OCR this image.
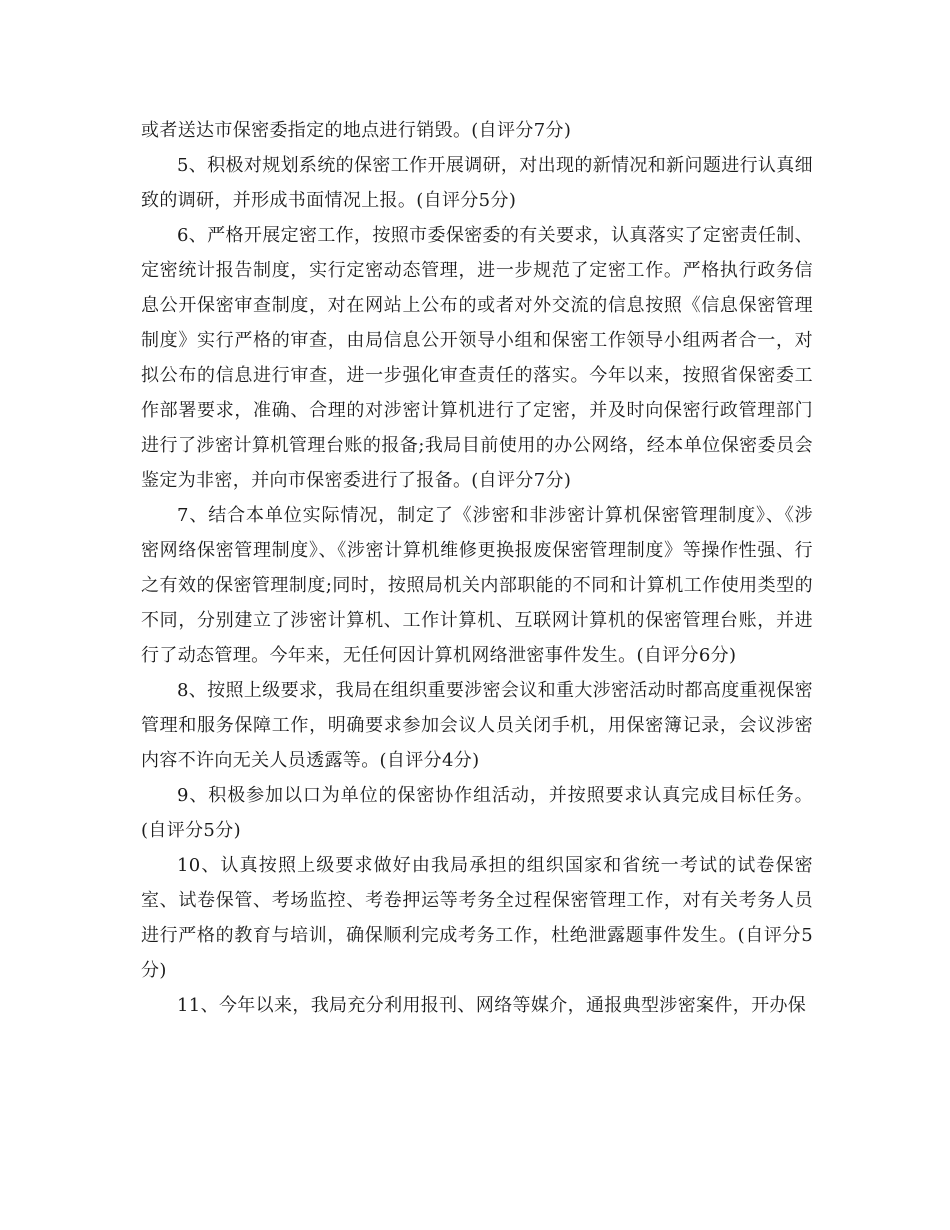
或者送达市保密委指定的地点进行销毁。(自评分7分)

5、积极对规划系统的保密工作开展调研，对出现的新情况和新问题进行认真细致的调研，并形成书面情况上报。(自评分5分)

6、严格开展定密工作，按照市委保密委的有关要求，认真落实了定密责任制、定密统计报告制度，实行定密动态管理，进一步规范了定密工作。严格执行政务信息公开保密审查制度，对在网站上公布的或者对外交流的信息按照《信息保密管理制度》实行严格的审查，由局信息公开领导小组和保密工作领导小组两者合一，对拟公布的信息进行审查，进一步强化审查责任的落实。今年以来，按照省保密委工作部署要求，准确、合理的对涉密计算机进行了定密，并及时向保密行政管理部门进行了涉密计算机管理台账的报备;我局目前使用的办公网络，经本单位保密委员会鉴定为非密，并向市保密委进行了报备。(自评分7分)

7、结合本单位实际情况，制定了《涉密和非涉密计算机保密管理制度》、《涉密网络保密管理制度》、《涉密计算机维修更换报废保密管理制度》等操作性强、行之有效的保密管理制度;同时，按照局机关内部职能的不同和计算机工作使用类型的不同，分别建立了涉密计算机、工作计算机、互联网计算机的保密管理台账，并进行了动态管理。今年来，无任何因计算机网络泄密事件发生。(自评分6分)

8、按照上级要求，我局在组织重要涉密会议和重大涉密活动时都高度重视保密管理和服务保障工作，明确要求参加会议人员关闭手机，用保密簿记录，会议涉密内容不许向无关人员透露等。(自评分4分)

9、积极参加以口为单位的保密协作组活动，并按照要求认真完成目标任务。(自评分5分)

10、认真按照上级要求做好由我局承担的组织国家和省统一考试的试卷保密室、试卷保管、考场监控、考卷押运等考务全过程保密管理工作，对有关考务人员进行严格的教育与培训，确保顺利完成考务工作，杜绝泄露题事件发生。(自评分5分)

11、今年以来，我局充分利用报刊、网络等媒介，通报典型涉密案件，开办保
